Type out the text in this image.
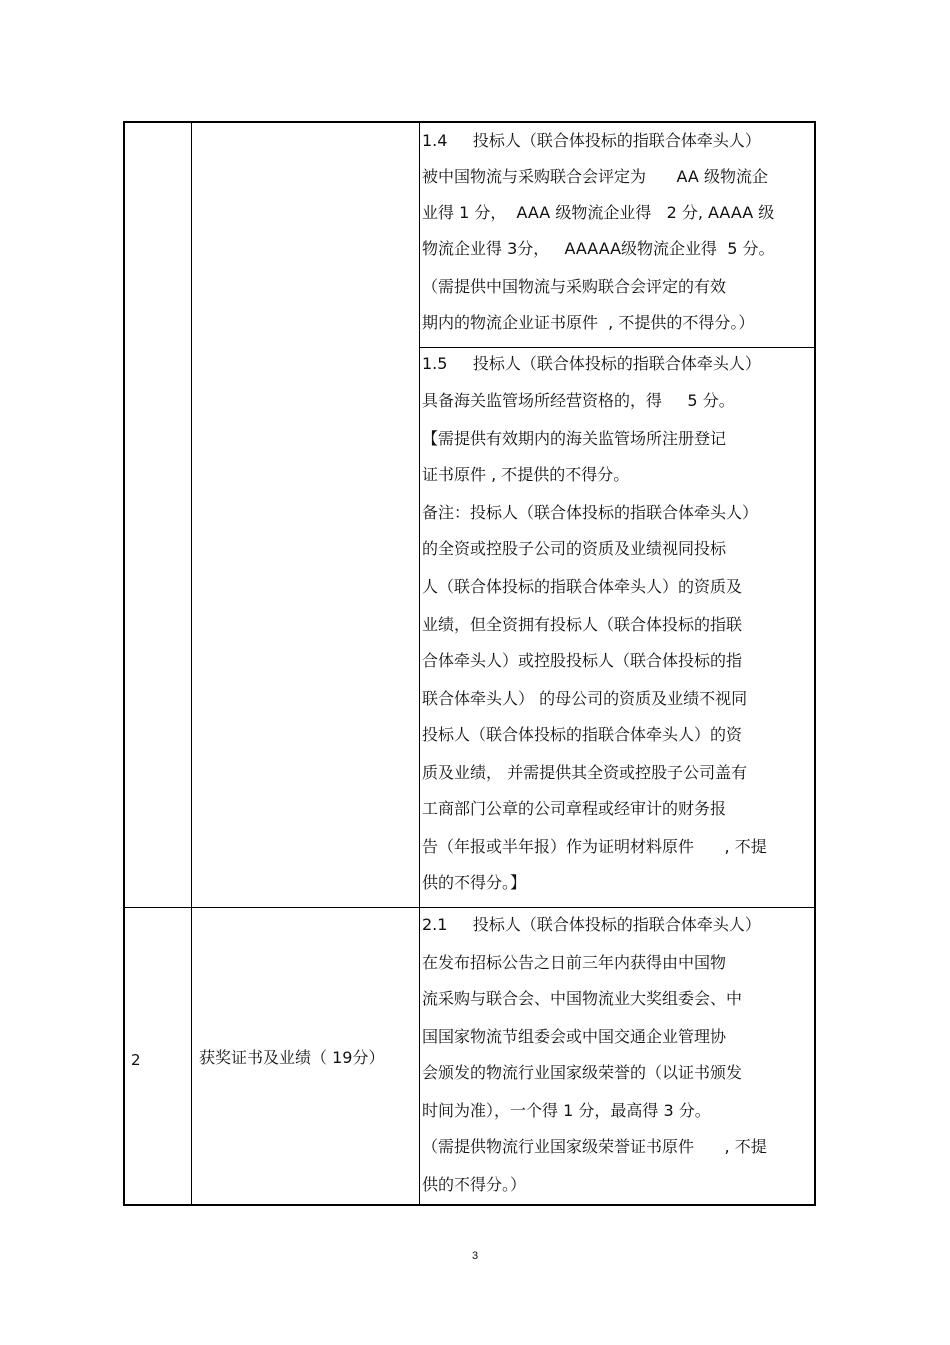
1.4     投标人（联合体投标的指联合体牵头人）
被中国物流与采购联合会评定为      AA 级物流企
业得 1 分，  AAA 级物流企业得   2 分, AAAA 级
物流企业得 3分，   AAAAA级物流企业得  5 分。
（需提供中国物流与采购联合会评定的有效
期内的物流企业证书原件  , 不提供的不得分。）
1.5     投标人（联合体投标的指联合体牵头人）
具备海关监管场所经营资格的，得     5 分。
【需提供有效期内的海关监管场所注册登记
证书原件 , 不提供的不得分。
备注：投标人（联合体投标的指联合体牵头人）
的全资或控股子公司的资质及业绩视同投标
人（联合体投标的指联合体牵头人）的资质及
业绩，但全资拥有投标人（联合体投标的指联
合体牵头人）或控股投标人（联合体投标的指
联合体牵头人） 的母公司的资质及业绩不视同
投标人（联合体投标的指联合体牵头人）的资
质及业绩， 并需提供其全资或控股子公司盖有
工商部门公章的公司章程或经审计的财务报
告（年报或半年报）作为证明材料原件      , 不提
供的不得分。】
2	获奖证书及业绩（ 19分）
2.1     投标人（联合体投标的指联合体牵头人）
在发布招标公告之日前三年内获得由中国物
流采购与联合会、中国物流业大奖组委会、中
国国家物流节组委会或中国交通企业管理协
会颁发的物流行业国家级荣誉的（以证书颁发
时间为准），一个得 1 分，最高得 3 分。
（需提供物流行业国家级荣誉证书原件      , 不提
供的不得分。）
3
